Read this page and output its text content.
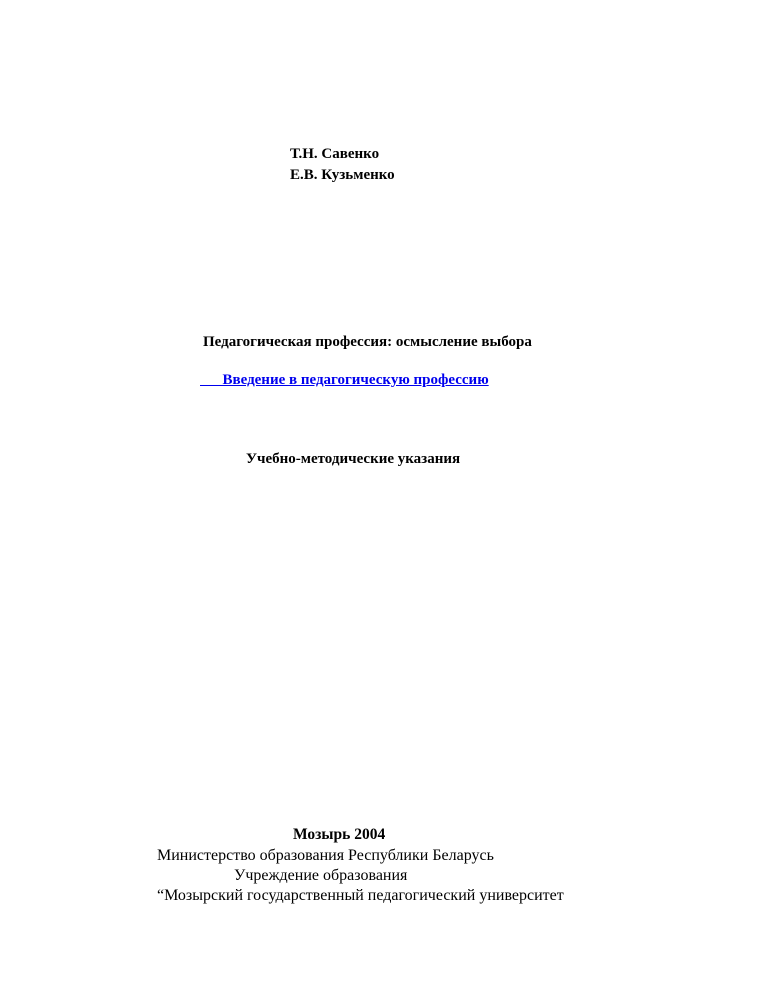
Т.Н. Савенко
Е.В. Кузьменко
Педагогическая профессия: осмысление выбора
Введение в педагогическую профессию
Учебно-методические указания
Мозырь 2004
Министерство образования Республики Беларусь
Учреждение образования
“Мозырский государственный педагогический университет
